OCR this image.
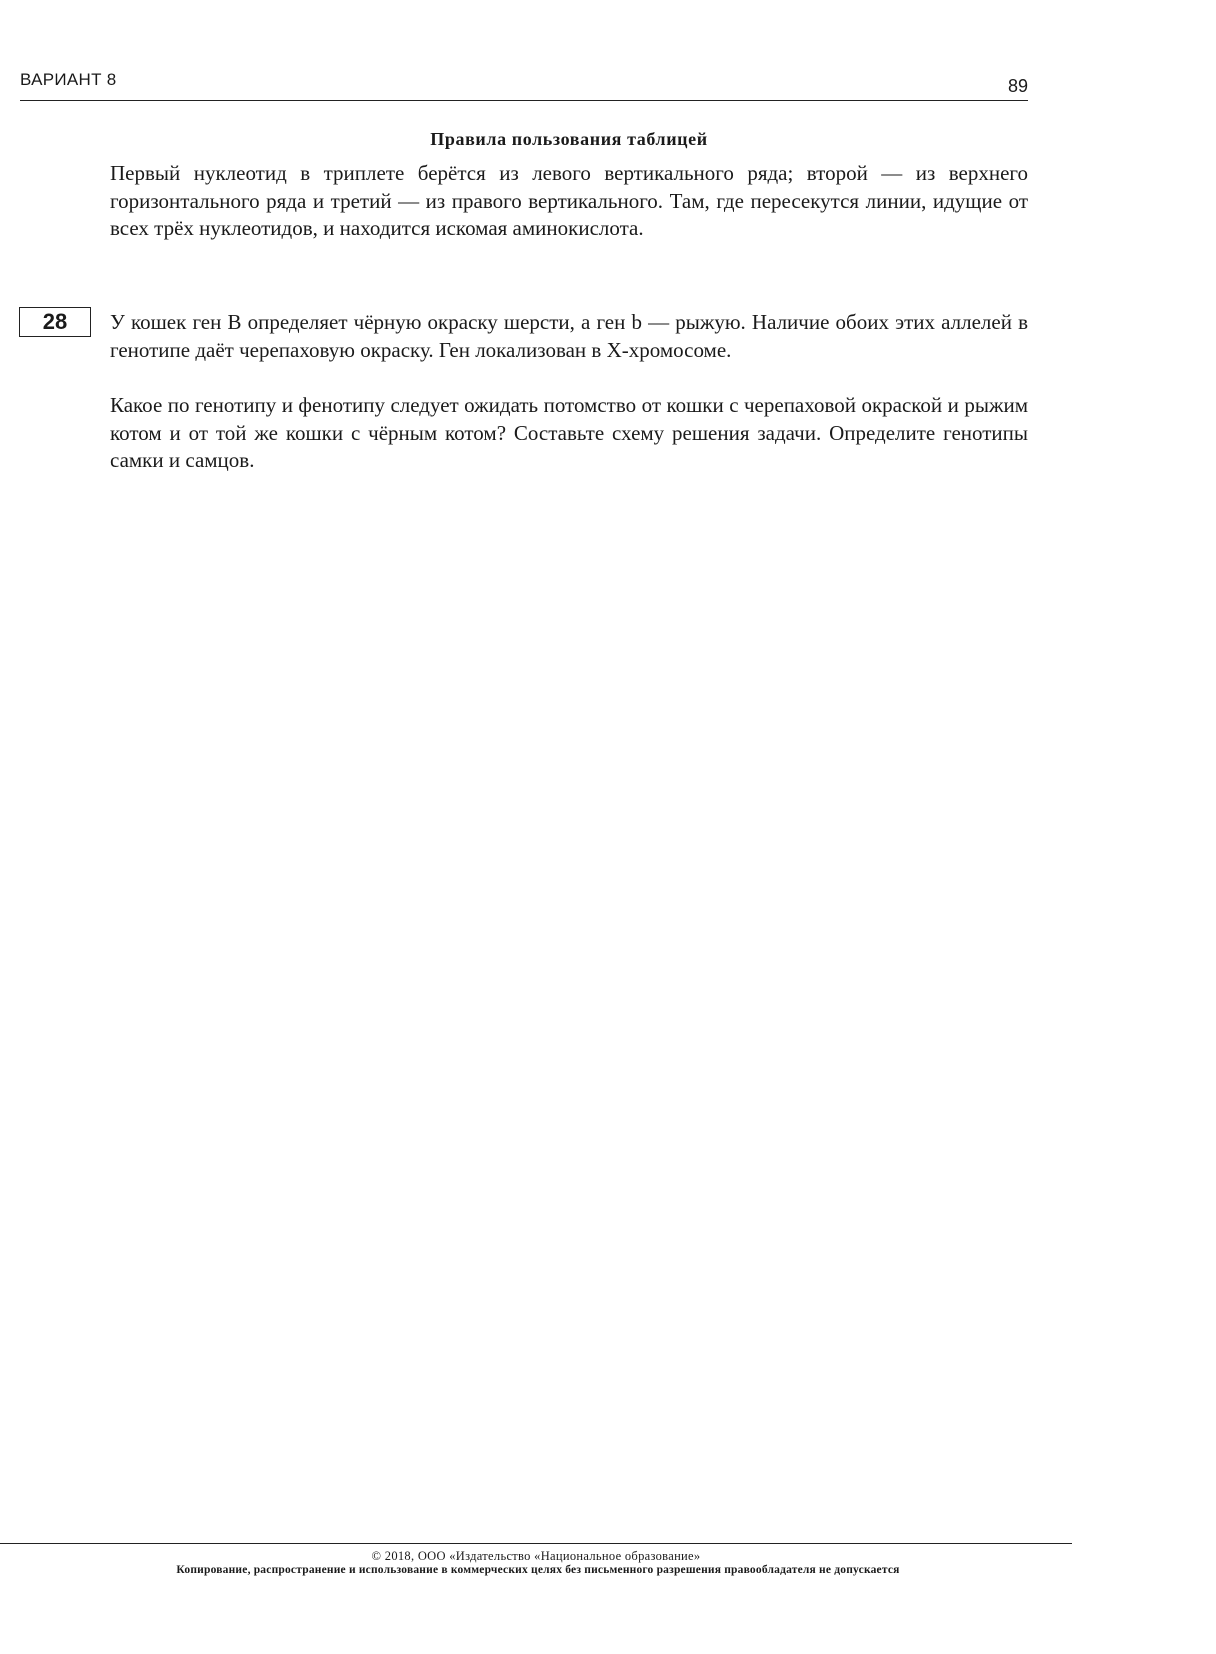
ВАРИАНТ 8	89
Правила пользования таблицей

Первый нуклеотид в триплете берётся из левого вертикального ряда; второй — из верхнего горизонтального ряда и третий — из правого вертикального. Там, где пересекутся линии, идущие от всех трёх нуклеотидов, и находится искомая аминокислота.

28	У кошек ген B определяет чёрную окраску шерсти, а ген b — рыжую. Наличие обоих этих аллелей в генотипе даёт черепаховую окраску. Ген локализован в X-хромосоме.

Какое по генотипу и фенотипу следует ожидать потомство от кошки с черепаховой окраской и рыжим котом и от той же кошки с чёрным котом? Составьте схему решения задачи. Определите генотипы самки и самцов.

© 2018, ООО «Издательство «Национальное образование»
Копирование, распространение и использование в коммерческих целях без письменного разрешения правообладателя не допускается
